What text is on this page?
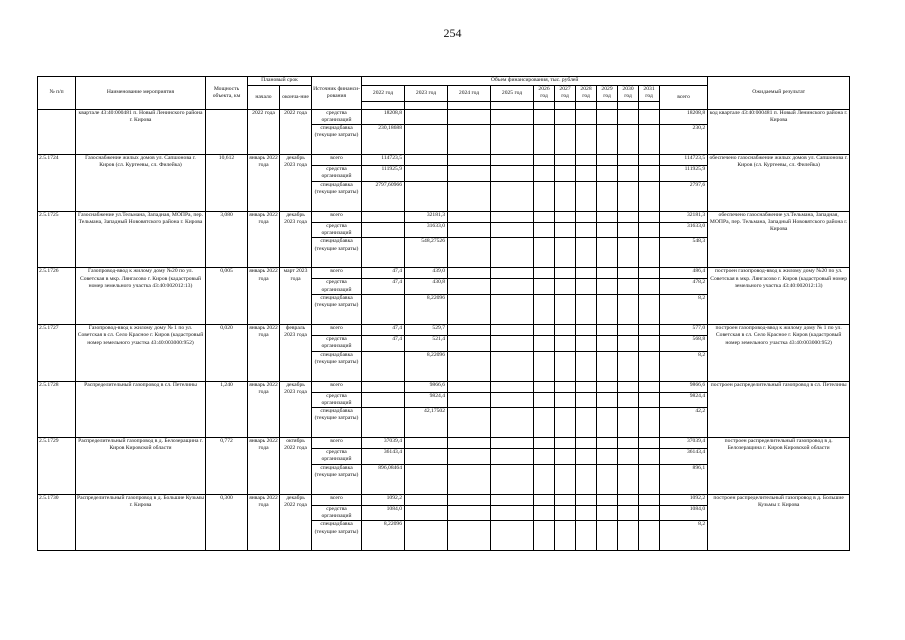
254
№ п/п	Наименование мероприятия	Мощность объекта, км	Плановый срок		Источник финанси-рования	Объем финансирования, тыс. рублей											Ожидаемый результат
			начало	оконча-ние		2022 год	2023 год	2024 год	2025 год	2026 год	2027 год	2028 год	2029 год	2030 год	2031 год	всего	

	квартале 43:40:000481 п. Новый Ленинского района г. Кирова		2022 года	2022 года	средства организаций	18208,8										18208,8	код квартале 43:40:000481 п. Новый Ленинского района г. Кирова
					спецнадбавка (текущие затраты)	230,18688										230,2	
2.5.1724	Газоснабжение жилых домов ул. Сапшонова г. Киров (сл. Куртеевы, сл. Филейка)	10,612	январь 2022 года	декабрь 2023 года	всего	114723,5										114723,5	обеспечено газоснабжение жилых домов ул. Сапшонова г. Киров (сл. Куртеевы, сл. Филейка)
					средства организаций	111925,9										111925,9	
					спецнадбавка (текущие затраты)	2797,60966										2797,6	
2.5.1725	Газоснабжение ул.Тельмана, Западная, МОПРа, пер. Тельмана, Западный Нововятского района г. Кирова	3,080	январь 2022 года	декабрь 2023 года	всего		32181,3									32181,3	обеспечено газоснабжение ул.Тельмана, Западная, МОПРа, пер. Тельмана, Западный Нововятского района г. Кирова
					средства организаций		31633,0									31633,0	
					спецнадбавка (текущие затраты)		548,27526									548,3	
2.5.1726	Газопровод-ввод к жилому дому №20 по ул. Советская в мкр. Лянгасово г. Киров (кадастровый номер земельного участка 43:40:002012:13)	0,005	январь 2022 года	март 2023 года	всего	47,4	439,0									486,4	построен газопровод-ввод к жилому дому №20 по ул. Советская в мкр. Лянгасово г. Киров (кадастровый номер земельного участка 43:40:002012:13)
					средства организаций	47,4	430,8									478,2	
					спецнадбавка (текущие затраты)		8,22096									8,2	
2.5.1727	Газопровод-ввод к жилому дому № 1 по ул. Советская в сл. Село Красное г. Киров (кадастровый номер земельного участка 43:40:003000:952)	0,020	январь 2022 года	февраль 2023 года	всего	47,4	529,7									577,0	построен газопровод-ввод к жилому дому № 1 по ул. Советская в сл. Село Красное г. Киров (кадастровый номер земельного участка 43:40:003000:952)
					средства организаций	47,4	521,4									568,8	
					спецнадбавка (текущие затраты)		8,22096									8,2	
2.5.1728	Распределительный газопровод в сл. Петелины	1,240	январь 2022 года	декабрь 2023 года	всего		9866,6									9866,6	построен распределительный газопровод в сл. Петелины
					средства организаций		9824,4									9824,4	
					спецнадбавка (текущие затраты)		42,17502									42,2	
2.5.1729	Распределительный газопровод в д. Белозеращина г. Киров Кировской области	0,772	январь 2022 года	октябрь 2022 года	всего	37039,4										37039,4	построен распределительный газопровод в д. Белозеращина г. Киров Кировской области
					средства организаций	36143,4										36143,4	
					спецнадбавка (текущие затраты)	896,08464										896,1	
2.5.1730	Распределительный газопровод в д. Большие Кузьмы г. Кирова	0,300	январь 2022 года	декабрь 2022 года	всего	1092,2										1092,2	построен распределительный газопровод в д. Большие Кузьмы г. Кирова
					средства организаций	1084,0										1084,0	
					спецнадбавка (текущие затраты)	8,22096										8,2	
